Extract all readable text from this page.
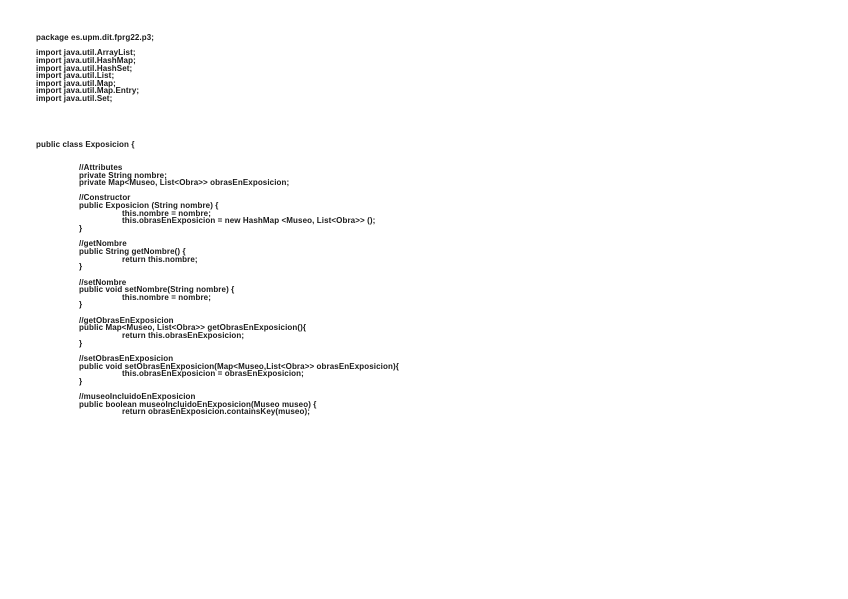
package es.upm.dit.fprg22.p3;
import java.util.ArrayList;
import java.util.HashMap;
import java.util.HashSet;
import java.util.List;
import java.util.Map;
import java.util.Map.Entry;
import java.util.Set;
public class Exposicion {
//Attributes
private String nombre;
private Map<Museo, List<Obra>> obrasEnExposicion;
//Constructor
public Exposicion (String nombre) {
this.nombre = nombre;
this.obrasEnExposicion = new HashMap <Museo, List<Obra>> ();
}
//getNombre
public String getNombre() {
return this.nombre;
}
//setNombre
public void setNombre(String nombre) {
this.nombre = nombre;
}
//getObrasEnExposicion
public Map<Museo, List<Obra>> getObrasEnExposicion(){
return this.obrasEnExposicion;
}
//setObrasEnExposicion
public void setObrasEnExposicion(Map<Museo,List<Obra>> obrasEnExposicion){
this.obrasEnExposicion = obrasEnExposicion;
}
//museoIncluidoEnExposicion
public boolean museoIncluidoEnExposicion(Museo museo) {
return obrasEnExposicion.containsKey(museo);
